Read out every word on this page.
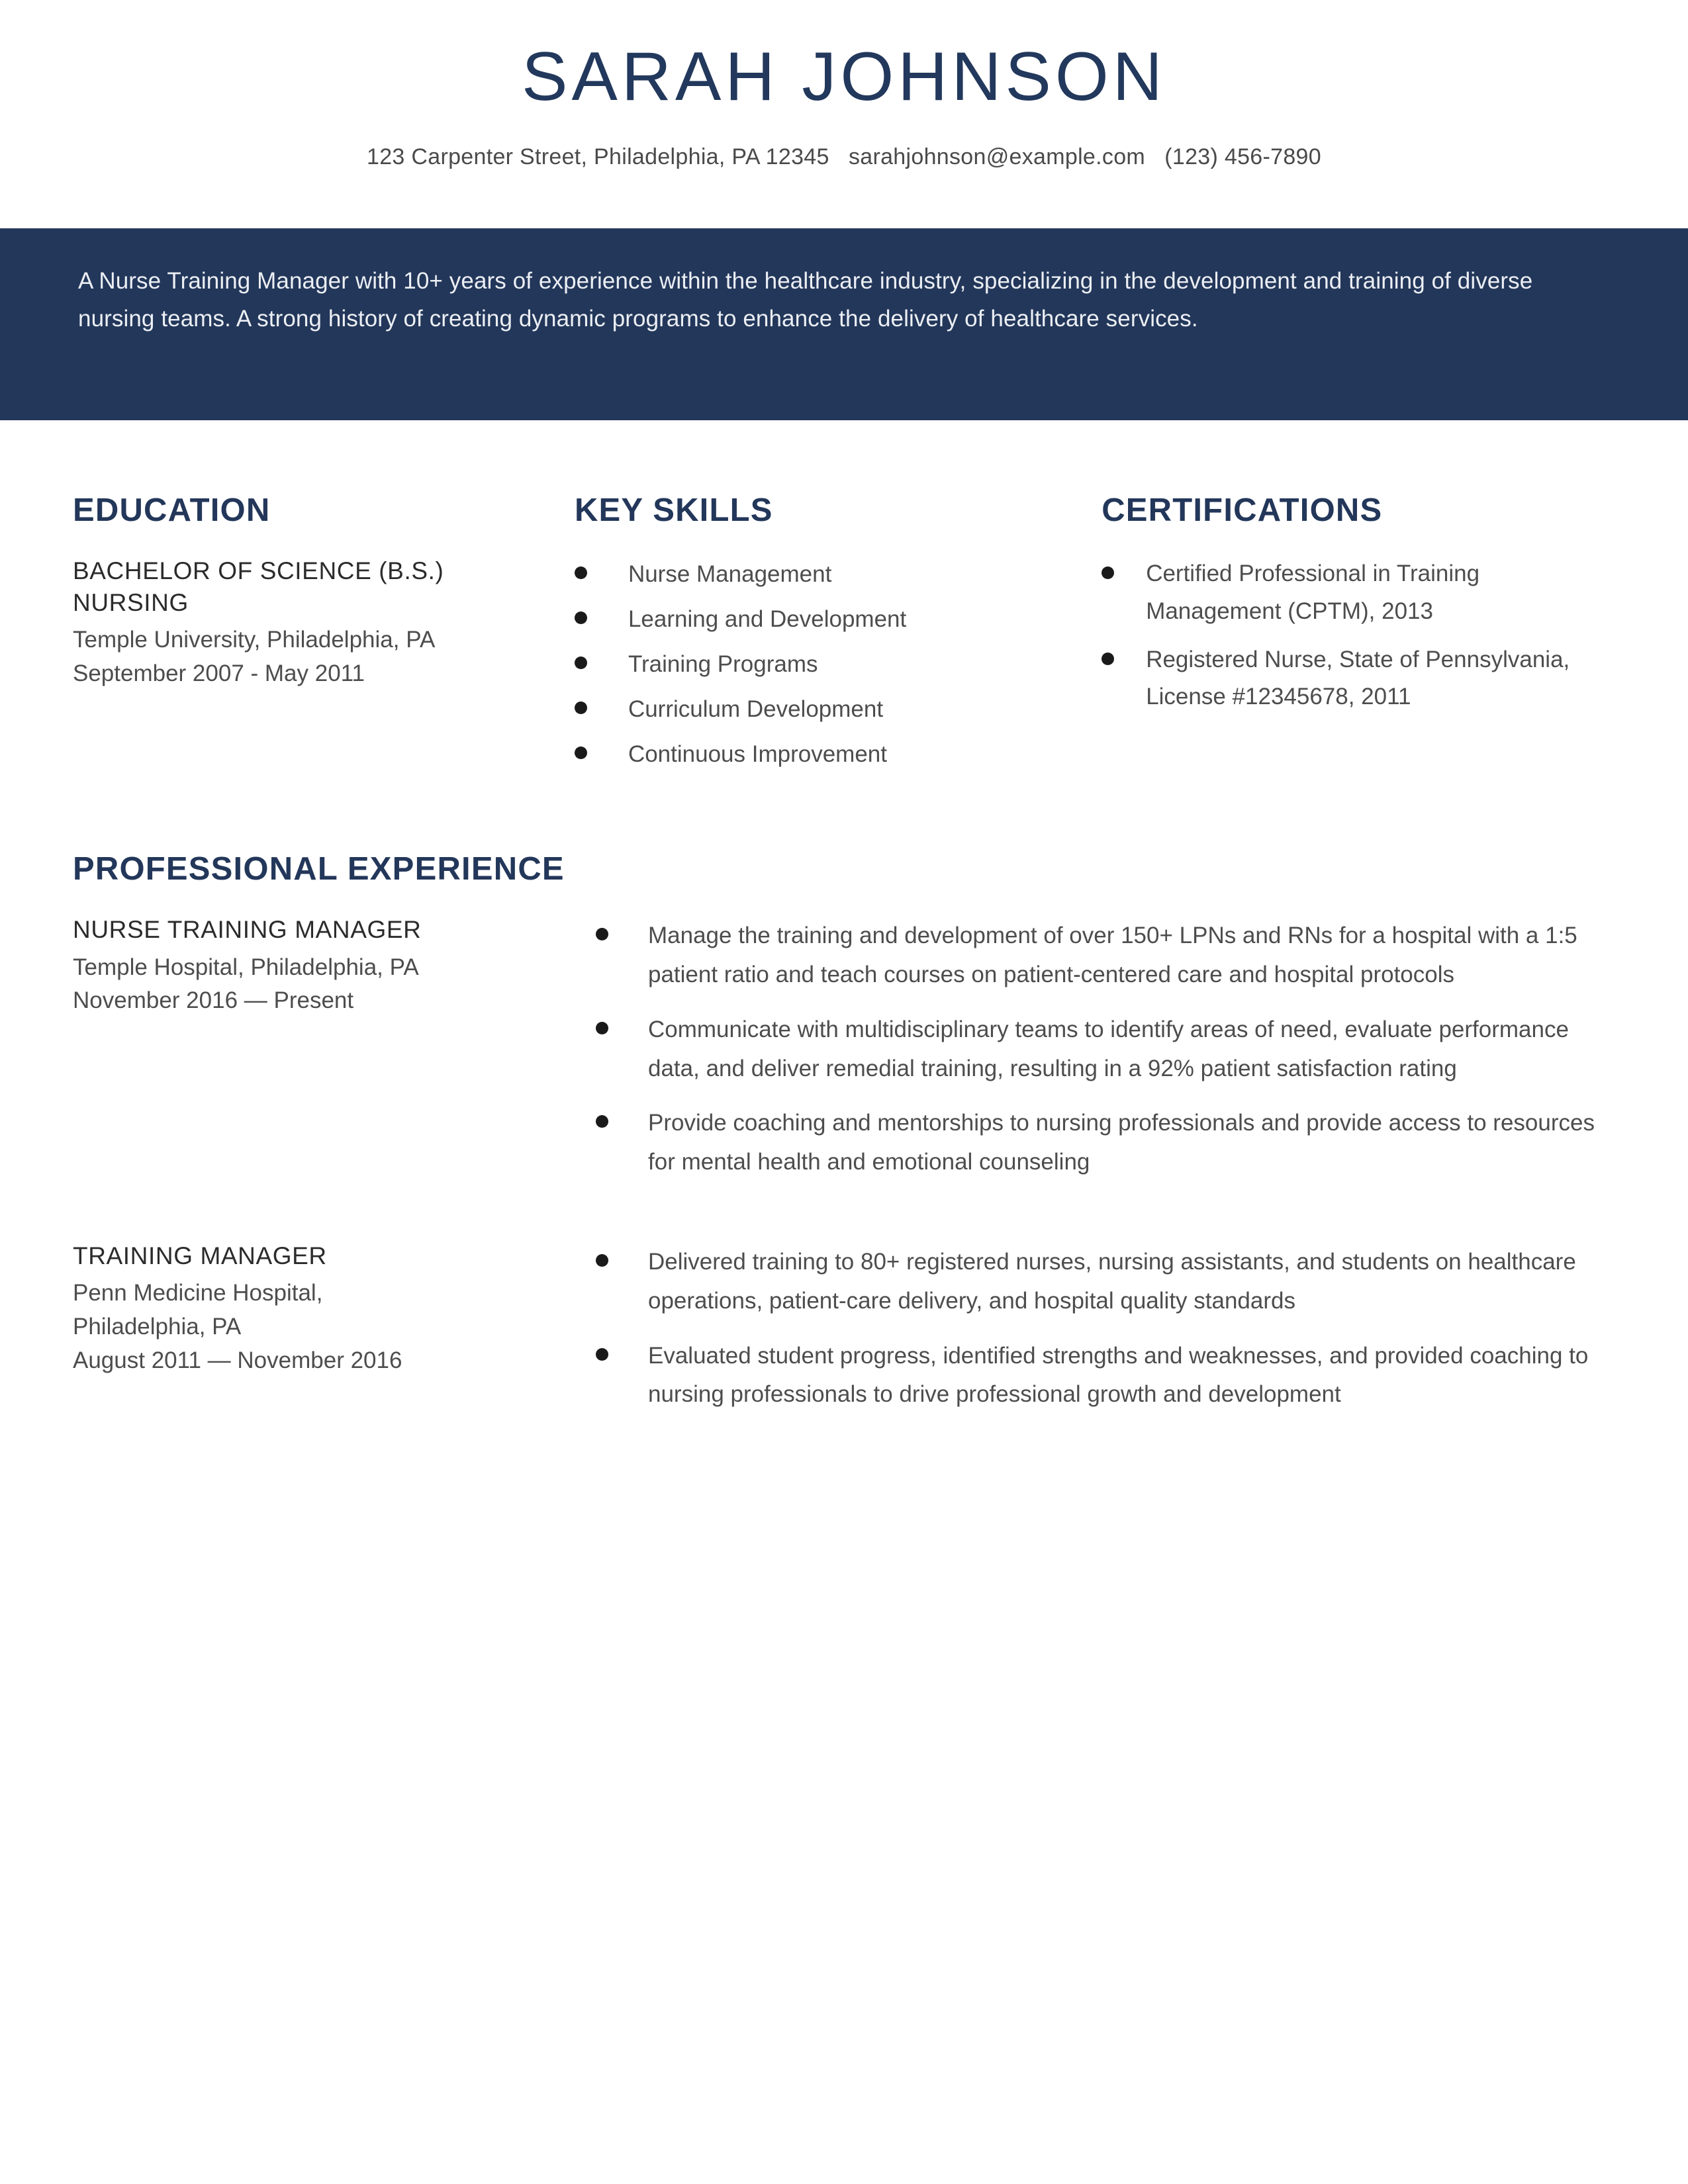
SARAH JOHNSON
123 Carpenter Street, Philadelphia, PA 12345   sarahjohnson@example.com   (123) 456-7890

A Nurse Training Manager with 10+ years of experience within the healthcare industry, specializing in the development and training of diverse nursing teams. A strong history of creating dynamic programs to enhance the delivery of healthcare services.

EDUCATION
BACHELOR OF SCIENCE (B.S.) NURSING
Temple University, Philadelphia, PA
September 2007 - May 2011
KEY SKILLS
Nurse Management
Learning and Development
Training Programs
Curriculum Development
Continuous Improvement
CERTIFICATIONS
Certified Professional in Training Management (CPTM), 2013
Registered Nurse, State of Pennsylvania, License #12345678, 2011
PROFESSIONAL EXPERIENCE
NURSE TRAINING MANAGER
Temple Hospital, Philadelphia, PA
November 2016 — Present
Manage the training and development of over 150+ LPNs and RNs for a hospital with a 1:5 patient ratio and teach courses on patient-centered care and hospital protocols
Communicate with multidisciplinary teams to identify areas of need, evaluate performance data, and deliver remedial training, resulting in a 92% patient satisfaction rating
Provide coaching and mentorships to nursing professionals and provide access to resources for mental health and emotional counseling
TRAINING MANAGER
Penn Medicine Hospital, Philadelphia, PA
August 2011 — November 2016
Delivered training to 80+ registered nurses, nursing assistants, and students on healthcare operations, patient-care delivery, and hospital quality standards
Evaluated student progress, identified strengths and weaknesses, and provided coaching to nursing professionals to drive professional growth and development
